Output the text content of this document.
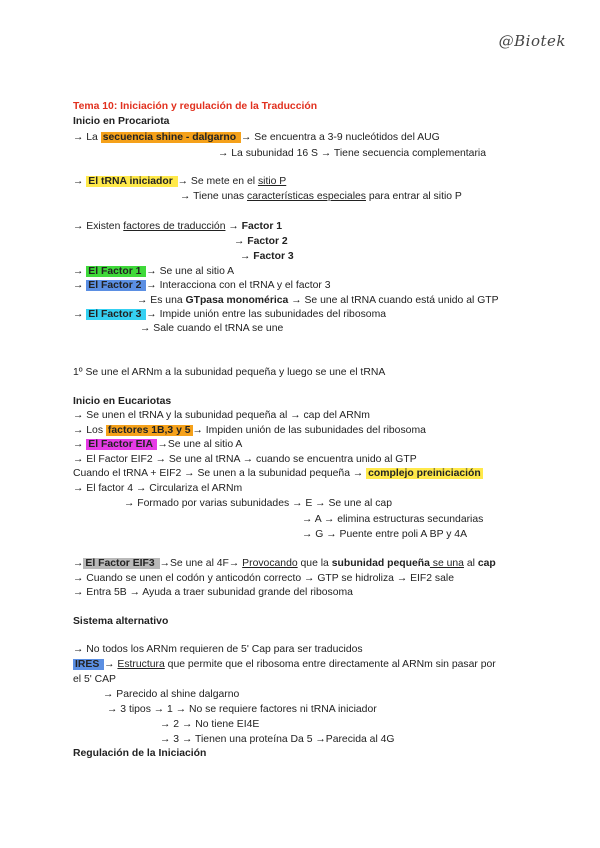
@Biotek
Tema 10: Iniciación y regulación de la Traducción
Inicio en Procariota
→ La secuencia shine - dalgarno → Se encuentra a 3-9 nucleótidos del AUG
→ La subunidad 16 S → Tiene secuencia complementaria
→ El tRNA iniciador → Se mete en el sitio P
→ Tiene unas características especiales para entrar al sitio P
→ Existen factores de traducción → Factor 1
→ Factor 2
→ Factor 3
→ El Factor 1 → Se une al sitio A
→ El Factor 2 → Interacciona con el tRNA y el factor 3
→ Es una GTpasa monomérica → Se une al tRNA cuando está unido al GTP
→ El Factor 3 → Impide unión entre las subunidades del ribosoma
→ Sale cuando el tRNA se une
1º Se une el ARNm a la subunidad pequeña y luego se une el tRNA
Inicio en Eucariotas
→ Se unen el tRNA y la subunidad pequeña al → cap del ARNm
→ Los factores 1B,3 y 5 → Impiden unión de las subunidades del ribosoma
→ El Factor EIA →Se une al sitio A
→ El Factor EIF2 → Se une al tRNA → cuando se encuentra unido al GTP
Cuando el tRNA + EIF2 → Se unen a la subunidad pequeña → complejo preiniciación
→ El factor 4 → Circulariza el ARNm
→ Formado por varias subunidades → E → Se une al cap
→ A → elimina estructuras secundarias
→ G → Puente entre poli A BP y 4A
→ El Factor EIF3 →Se une al 4F→ Provocando que la subunidad pequeña se una al cap
→ Cuando se unen el codón y anticodón correcto → GTP se hidroliza → EIF2 sale
→ Entra 5B → Ayuda a traer subunidad grande del ribosoma
Sistema alternativo
→ No todos los ARNm requieren de 5' Cap para ser traducidos
IRES → Estructura que permite que el ribosoma entre directamente al ARNm sin pasar por
el 5' CAP
→ Parecido al shine dalgarno
→ 3 tipos → 1 → No se requiere factores ni tRNA iniciador
→ 2 → No tiene EI4E
→ 3 → Tienen una proteína Da 5 →Parecida al 4G
Regulación de la Iniciación
